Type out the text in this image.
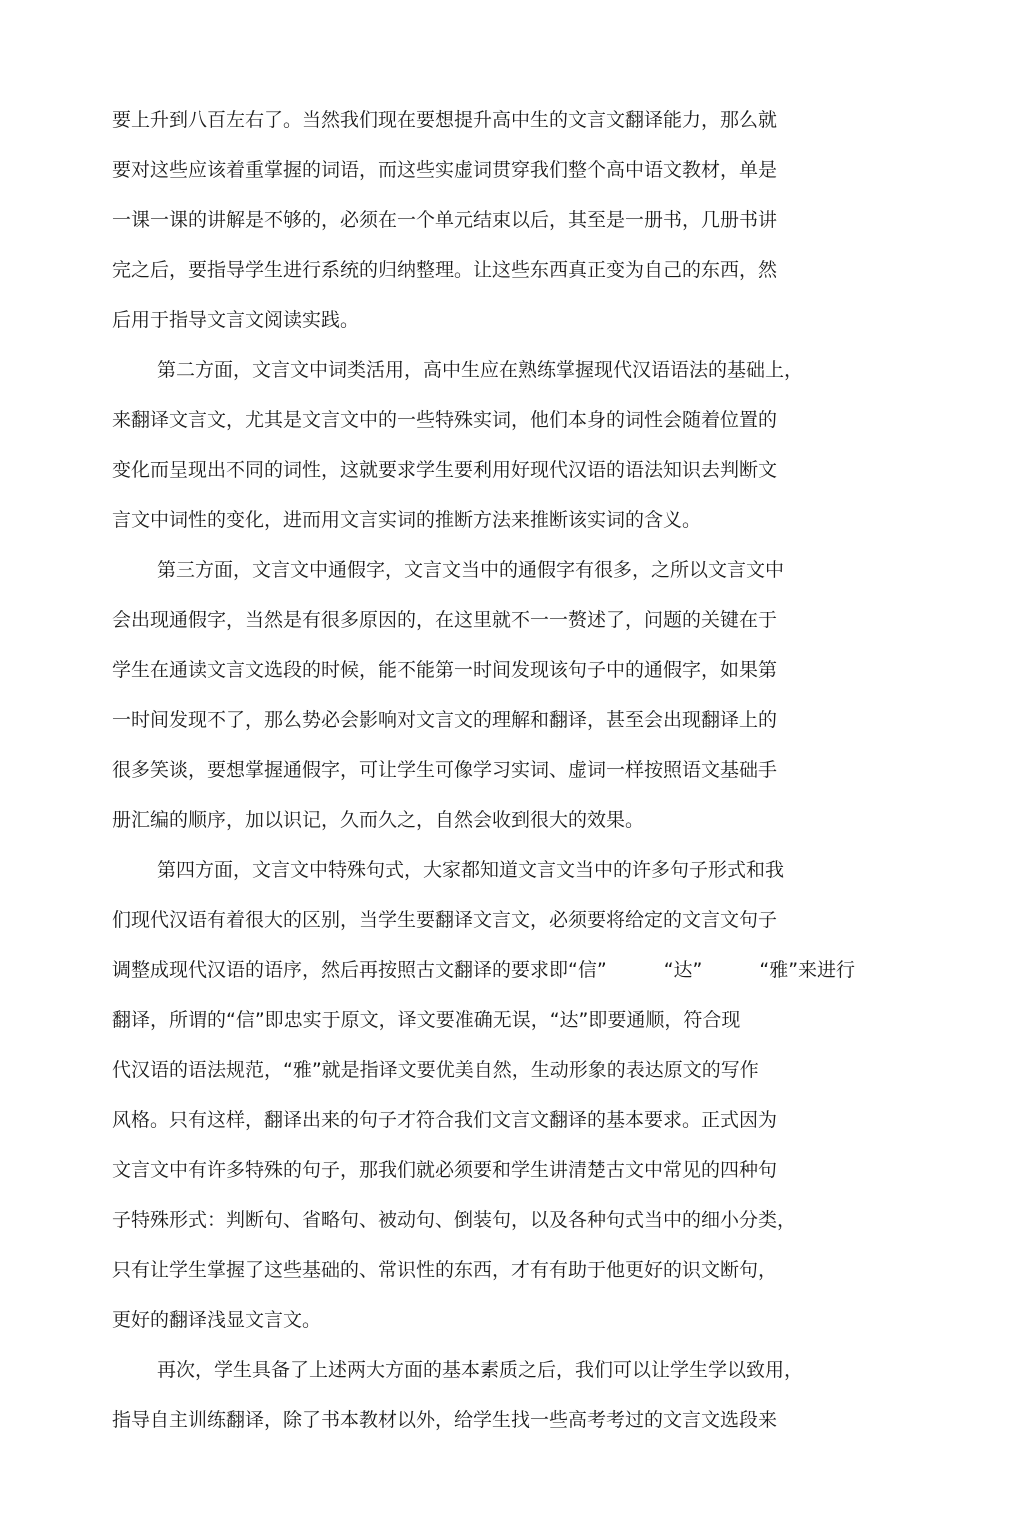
要上升到八百左右了。当然我们现在要想提升高中生的文言文翻译能力，那么就
要对这些应该着重掌握的词语，而这些实虚词贯穿我们整个高中语文教材，单是
一课一课的讲解是不够的，必须在一个单元结束以后，其至是一册书，几册书讲
完之后，要指导学生进行系统的归纳整理。让这些东西真正变为自己的东西，然
后用于指导文言文阅读实践。
第二方面，文言文中词类活用，高中生应在熟练掌握现代汉语语法的基础上，
来翻译文言文，尤其是文言文中的一些特殊实词，他们本身的词性会随着位置的
变化而呈现出不同的词性，这就要求学生要利用好现代汉语的语法知识去判断文
言文中词性的变化，进而用文言实词的推断方法来推断该实词的含义。
第三方面，文言文中通假字，文言文当中的通假字有很多，之所以文言文中
会出现通假字，当然是有很多原因的，在这里就不一一赘述了，问题的关键在于
学生在通读文言文选段的时候，能不能第一时间发现该句子中的通假字，如果第
一时间发现不了，那么势必会影响对文言文的理解和翻译，甚至会出现翻译上的
很多笑谈，要想掌握通假字，可让学生可像学习实词、虚词一样按照语文基础手
册汇编的顺序，加以识记，久而久之，自然会收到很大的效果。
第四方面，文言文中特殊句式，大家都知道文言文当中的许多句子形式和我
们现代汉语有着很大的区别，当学生要翻译文言文，必须要将给定的文言文句子
调整成现代汉语的语序，然后再按照古文翻译的要求即“信”　　　“达”　　　“雅”来进行
翻译，所谓的“信”即忠实于原文，译文要准确无误，“达”即要通顺，符合现
代汉语的语法规范，“雅”就是指译文要优美自然，生动形象的表达原文的写作
风格。只有这样，翻译出来的句子才符合我们文言文翻译的基本要求。正式因为
文言文中有许多特殊的句子，那我们就必须要和学生讲清楚古文中常见的四种句
子特殊形式：判断句、省略句、被动句、倒装句，以及各种句式当中的细小分类，
只有让学生掌握了这些基础的、常识性的东西，才有有助于他更好的识文断句，
更好的翻译浅显文言文。
再次，学生具备了上述两大方面的基本素质之后，我们可以让学生学以致用，
指导自主训练翻译，除了书本教材以外，给学生找一些高考考过的文言文选段来
